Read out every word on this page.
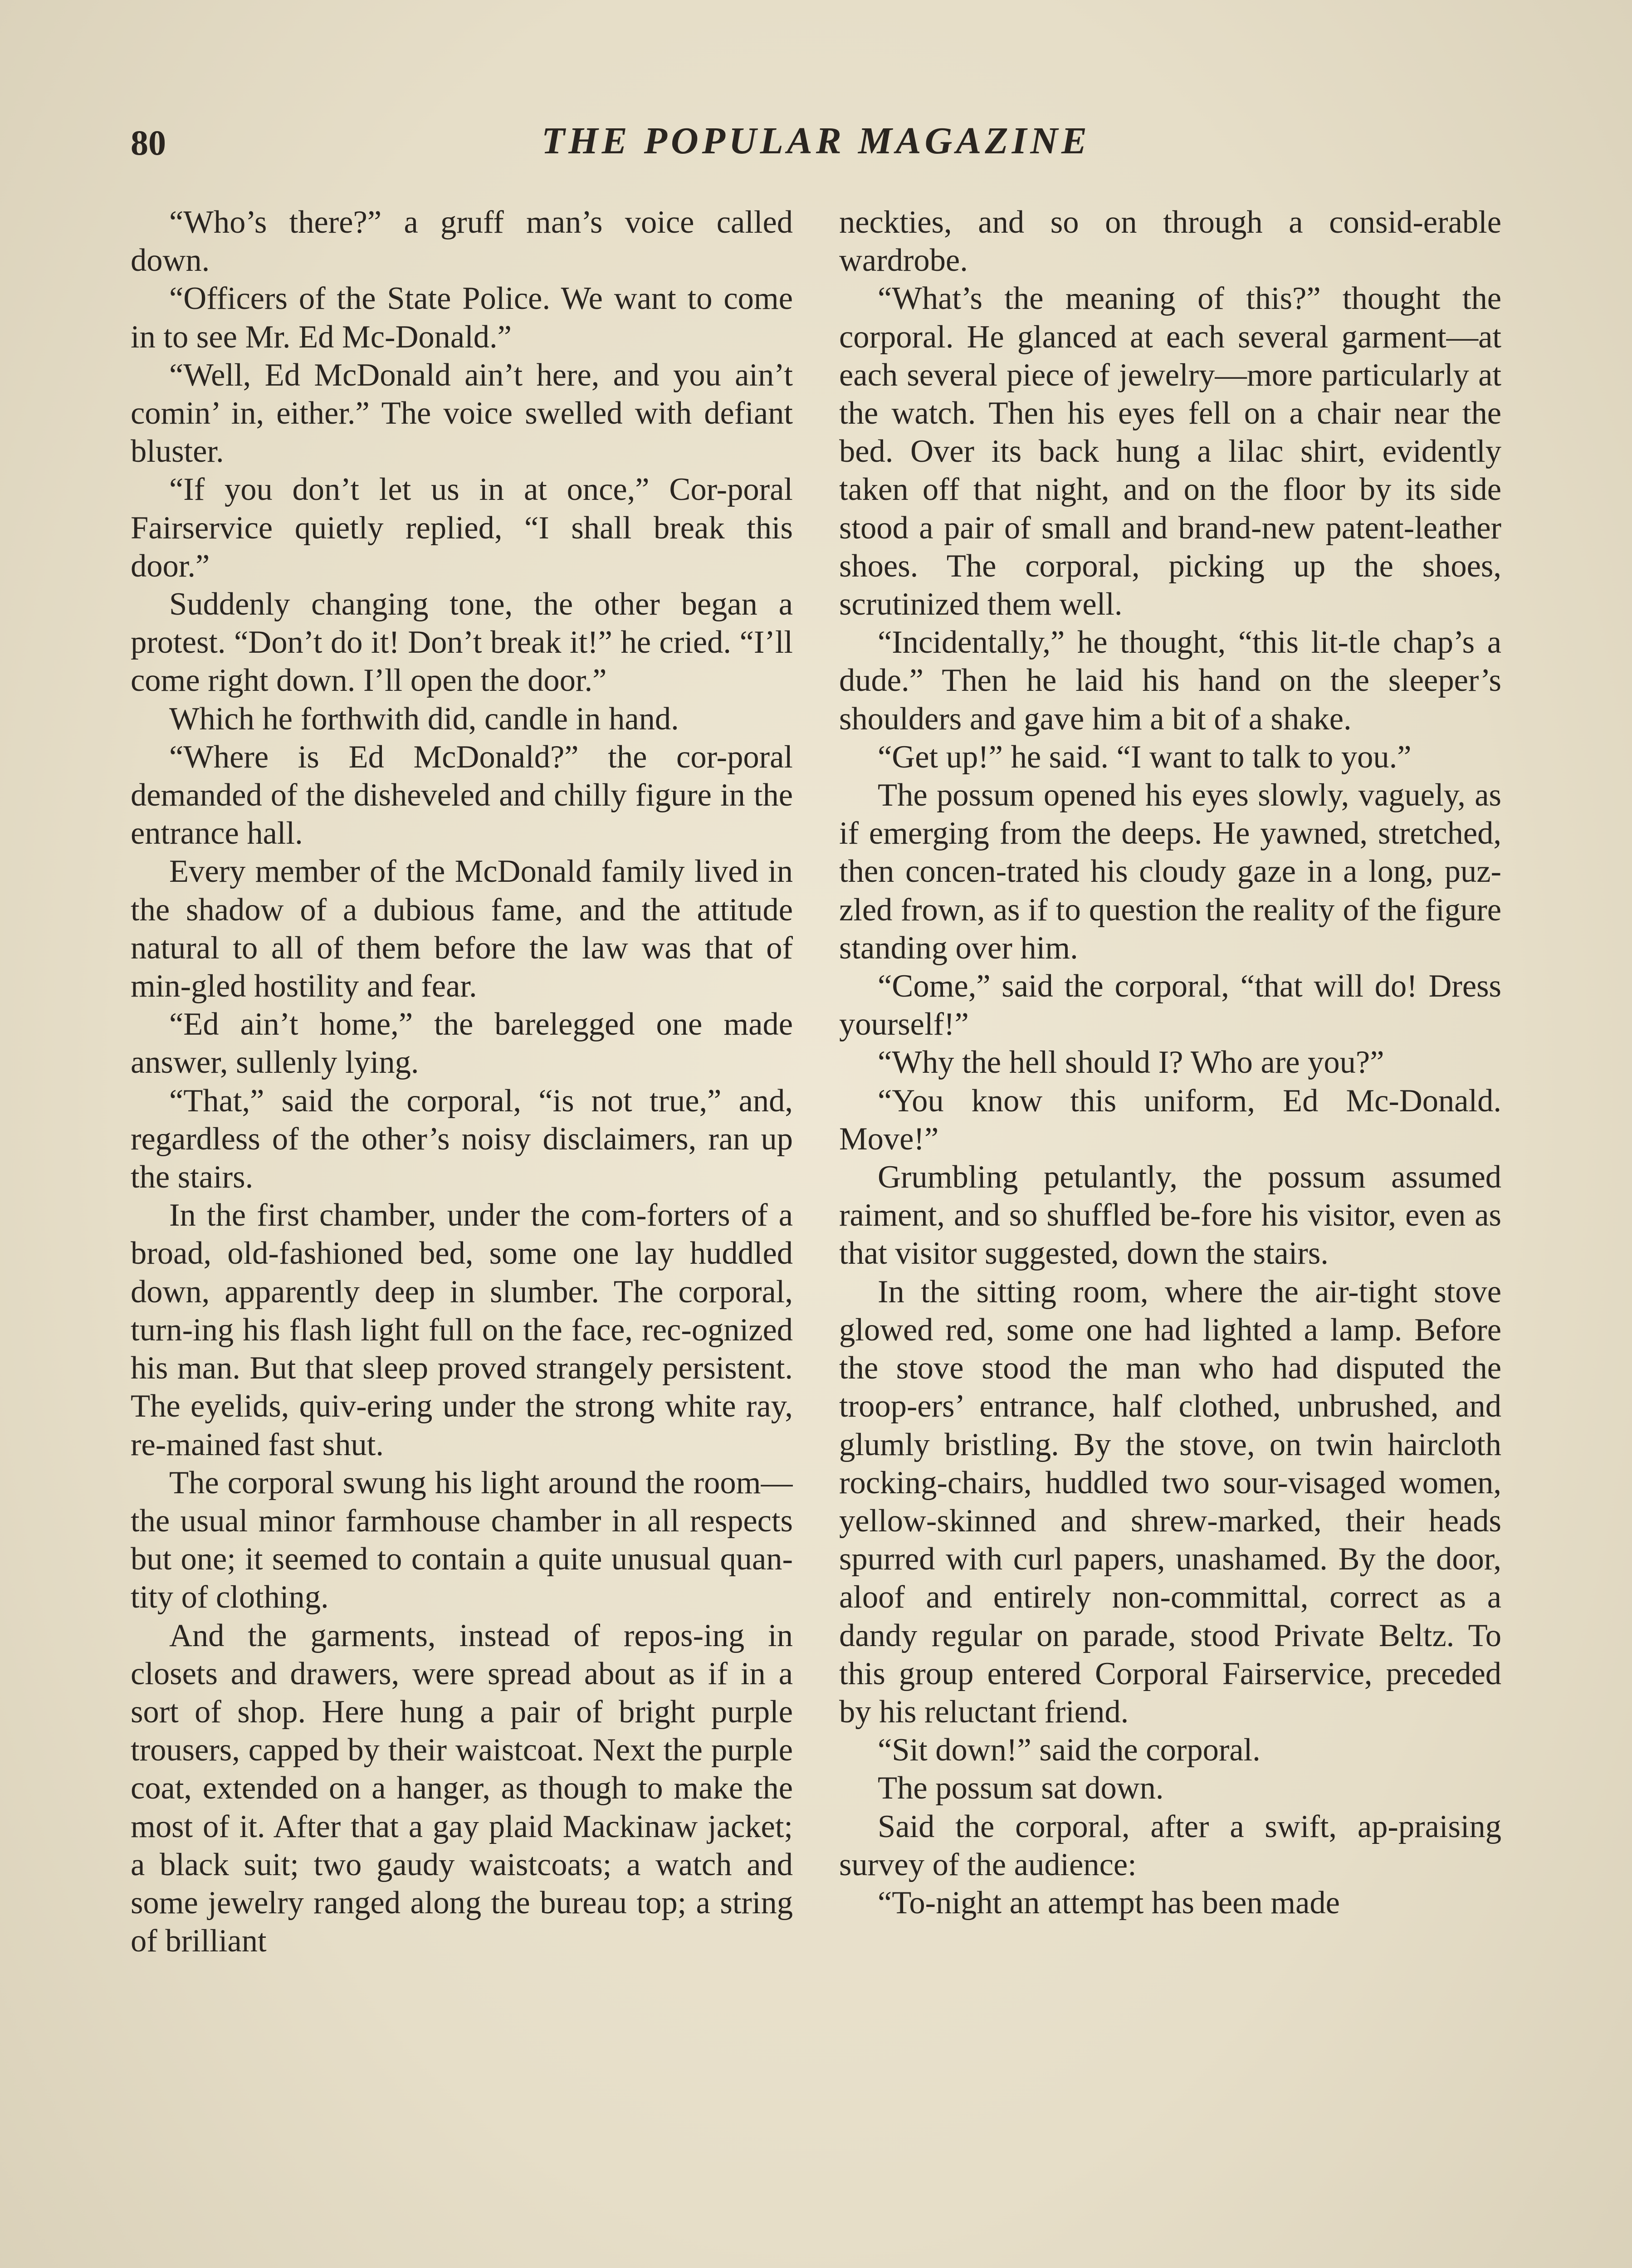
80	THE POPULAR MAGAZINE

“Who’s there?” a gruff man’s voice called down.

“Officers of the State Police. We want to come in to see Mr. Ed Mc-Donald.”

“Well, Ed McDonald ain’t here, and you ain’t comin’ in, either.” The voice swelled with defiant bluster.

“If you don’t let us in at once,” Cor-poral Fairservice quietly replied, “I shall break this door.”

Suddenly changing tone, the other began a protest. “Don’t do it! Don’t break it!” he cried. “I’ll come right down. I’ll open the door.”

Which he forthwith did, candle in hand.

“Where is Ed McDonald?” the cor-poral demanded of the disheveled and chilly figure in the entrance hall.

Every member of the McDonald family lived in the shadow of a dubious fame, and the attitude natural to all of them before the law was that of min-gled hostility and fear.

“Ed ain’t home,” the barelegged one made answer, sullenly lying.

“That,” said the corporal, “is not true,” and, regardless of the other’s noisy disclaimers, ran up the stairs.

In the first chamber, under the com-forters of a broad, old-fashioned bed, some one lay huddled down, apparently deep in slumber. The corporal, turn-ing his flash light full on the face, rec-ognized his man. But that sleep proved strangely persistent. The eyelids, quiv-ering under the strong white ray, re-mained fast shut.

The corporal swung his light around the room—the usual minor farmhouse chamber in all respects but one; it seemed to contain a quite unusual quan-tity of clothing.

And the garments, instead of repos-ing in closets and drawers, were spread about as if in a sort of shop. Here hung a pair of bright purple trousers, capped by their waistcoat. Next the purple coat, extended on a hanger, as though to make the most of it. After that a gay plaid Mackinaw jacket; a black suit; two gaudy waistcoats; a watch and some jewelry ranged along the bureau top; a string of brilliant

neckties, and so on through a consid-erable wardrobe.

“What’s the meaning of this?” thought the corporal. He glanced at each several garment—at each several piece of jewelry—more particularly at the watch. Then his eyes fell on a chair near the bed. Over its back hung a lilac shirt, evidently taken off that night, and on the floor by its side stood a pair of small and brand-new patent-leather shoes. The corporal, picking up the shoes, scrutinized them well.

“Incidentally,” he thought, “this lit-tle chap’s a dude.” Then he laid his hand on the sleeper’s shoulders and gave him a bit of a shake.

“Get up!” he said. “I want to talk to you.”

The possum opened his eyes slowly, vaguely, as if emerging from the deeps. He yawned, stretched, then concen-trated his cloudy gaze in a long, puz-zled frown, as if to question the reality of the figure standing over him.

“Come,” said the corporal, “that will do! Dress yourself!”

“Why the hell should I? Who are you?”

“You know this uniform, Ed Mc-Donald. Move!”

Grumbling petulantly, the possum assumed raiment, and so shuffled be-fore his visitor, even as that visitor suggested, down the stairs.

In the sitting room, where the air-tight stove glowed red, some one had lighted a lamp. Before the stove stood the man who had disputed the troop-ers’ entrance, half clothed, unbrushed, and glumly bristling. By the stove, on twin haircloth rocking-chairs, huddled two sour-visaged women, yellow-skinned and shrew-marked, their heads spurred with curl papers, unashamed. By the door, aloof and entirely non-committal, correct as a dandy regular on parade, stood Private Beltz. To this group entered Corporal Fairservice, preceded by his reluctant friend.

“Sit down!” said the corporal.

The possum sat down.

Said the corporal, after a swift, ap-praising survey of the audience:

“To-night an attempt has been made
